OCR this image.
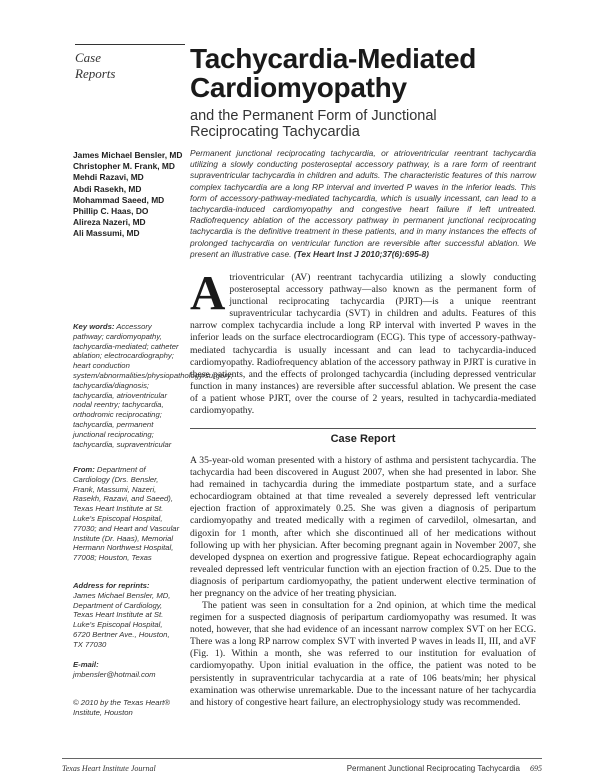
Case
Reports	Tachycardia-Mediated
Cardiomyopathy
and the Permanent Form of Junctional
Reciprocating Tachycardia
James Michael Bensler, MD
Christopher M. Frank, MD
Mehdi Razavi, MD
Abdi Rasekh, MD
Mohammad Saeed, MD
Phillip C. Haas, DO
Alireza Nazeri, MD
Ali Massumi, MD
Permanent junctional reciprocating tachycardia, or atrioventricular reentrant tachycardia utilizing a slowly conducting posteroseptal accessory pathway, is a rare form of reentrant supraventricular tachycardia in children and adults. The characteristic features of this narrow complex tachycardia are a long RP interval and inverted P waves in the inferior leads. This form of accessory-pathway-mediated tachycardia, which is usually incessant, can lead to a tachycardia-induced cardiomyopathy and congestive heart failure if left untreated. Radiofrequency ablation of the accessory pathway in permanent junctional reciprocating tachycardia is the definitive treatment in these patients, and in many instances the effects of prolonged tachycardia on ventricular function are reversible after successful ablation. We present an illustrative case. (Tex Heart Inst J 2010;37(6):695-8)
Atrioventricular (AV) reentrant tachycardia utilizing a slowly conducting posteroseptal accessory pathway—also known as the permanent form of junctional reciprocating tachycardia (PJRT)—is a unique reentrant supraventricular tachycardia (SVT) in children and adults. Features of this narrow complex tachycardia include a long RP interval with inverted P waves in the inferior leads on the surface electrocardiogram (ECG). This type of accessory-pathway-mediated tachycardia is usually incessant and can lead to tachycardia-induced cardiomyopathy. Radiofrequency ablation of the accessory pathway in PJRT is curative in these patients, and the effects of prolonged tachycardia (including depressed ventricular function in many instances) are reversible after successful ablation. We present the case of a patient whose PJRT, over the course of 2 years, resulted in tachycardia-mediated cardiomyopathy.
Case Report
A 35-year-old woman presented with a history of asthma and persistent tachycardia. The tachycardia had been discovered in August 2007, when she had presented in labor. She had remained in tachycardia during the immediate postpartum state, and a surface echocardiogram obtained at that time revealed a severely depressed left ventricular ejection fraction of approximately 0.25. She was given a diagnosis of peripartum cardiomyopathy and treated medically with a regimen of carvedilol, olmesartan, and digoxin for 1 month, after which she discontinued all of her medications without following up with her physician. After becoming pregnant again in November 2007, she developed dyspnea on exertion and progressive fatigue. Repeat echocardiography again revealed depressed left ventricular function with an ejection fraction of 0.25. Due to the diagnosis of peripartum cardiomyopathy, the patient underwent elective termination of her pregnancy on the advice of her treating physician.
The patient was seen in consultation for a 2nd opinion, at which time the medical regimen for a suspected diagnosis of peripartum cardiomyopathy was resumed. It was noted, however, that she had evidence of an incessant narrow complex SVT on her ECG. There was a long RP narrow complex SVT with inverted P waves in leads II, III, and aVF (Fig. 1). Within a month, she was referred to our institution for evaluation of cardiomyopathy. Upon initial evaluation in the office, the patient was noted to be persistently in supraventricular tachycardia at a rate of 106 beats/min; her physical examination was otherwise unremarkable. Due to the incessant nature of her tachycardia and history of congestive heart failure, an electrophysiology study was recommended.
Key words: Accessory pathway; cardiomyopathy, tachycardia-mediated; catheter ablation; electrocardiography; heart conduction system/abnormalities/physiopathology/surgery; tachycardia/diagnosis; tachycardia, atrioventricular nodal reentry; tachycardia, orthodromic reciprocating; tachycardia, permanent junctional reciprocating; tachycardia, supraventricular
From: Department of Cardiology (Drs. Bensler, Frank, Massumi, Nazeri, Rasekh, Razavi, and Saeed), Texas Heart Institute at St. Luke's Episcopal Hospital, 77030; and Heart and Vascular Institute (Dr. Haas), Memorial Hermann Northwest Hospital, 77008; Houston, Texas
Address for reprints:
James Michael Bensler, MD, Department of Cardiology, Texas Heart Institute at St. Luke's Episcopal Hospital, 6720 Bertner Ave., Houston, TX 77030
E-mail:
jmbensler@hotmail.com
© 2010 by the Texas Heart® Institute, Houston
Texas Heart Institute Journal	Permanent Junctional Reciprocating Tachycardia 695
